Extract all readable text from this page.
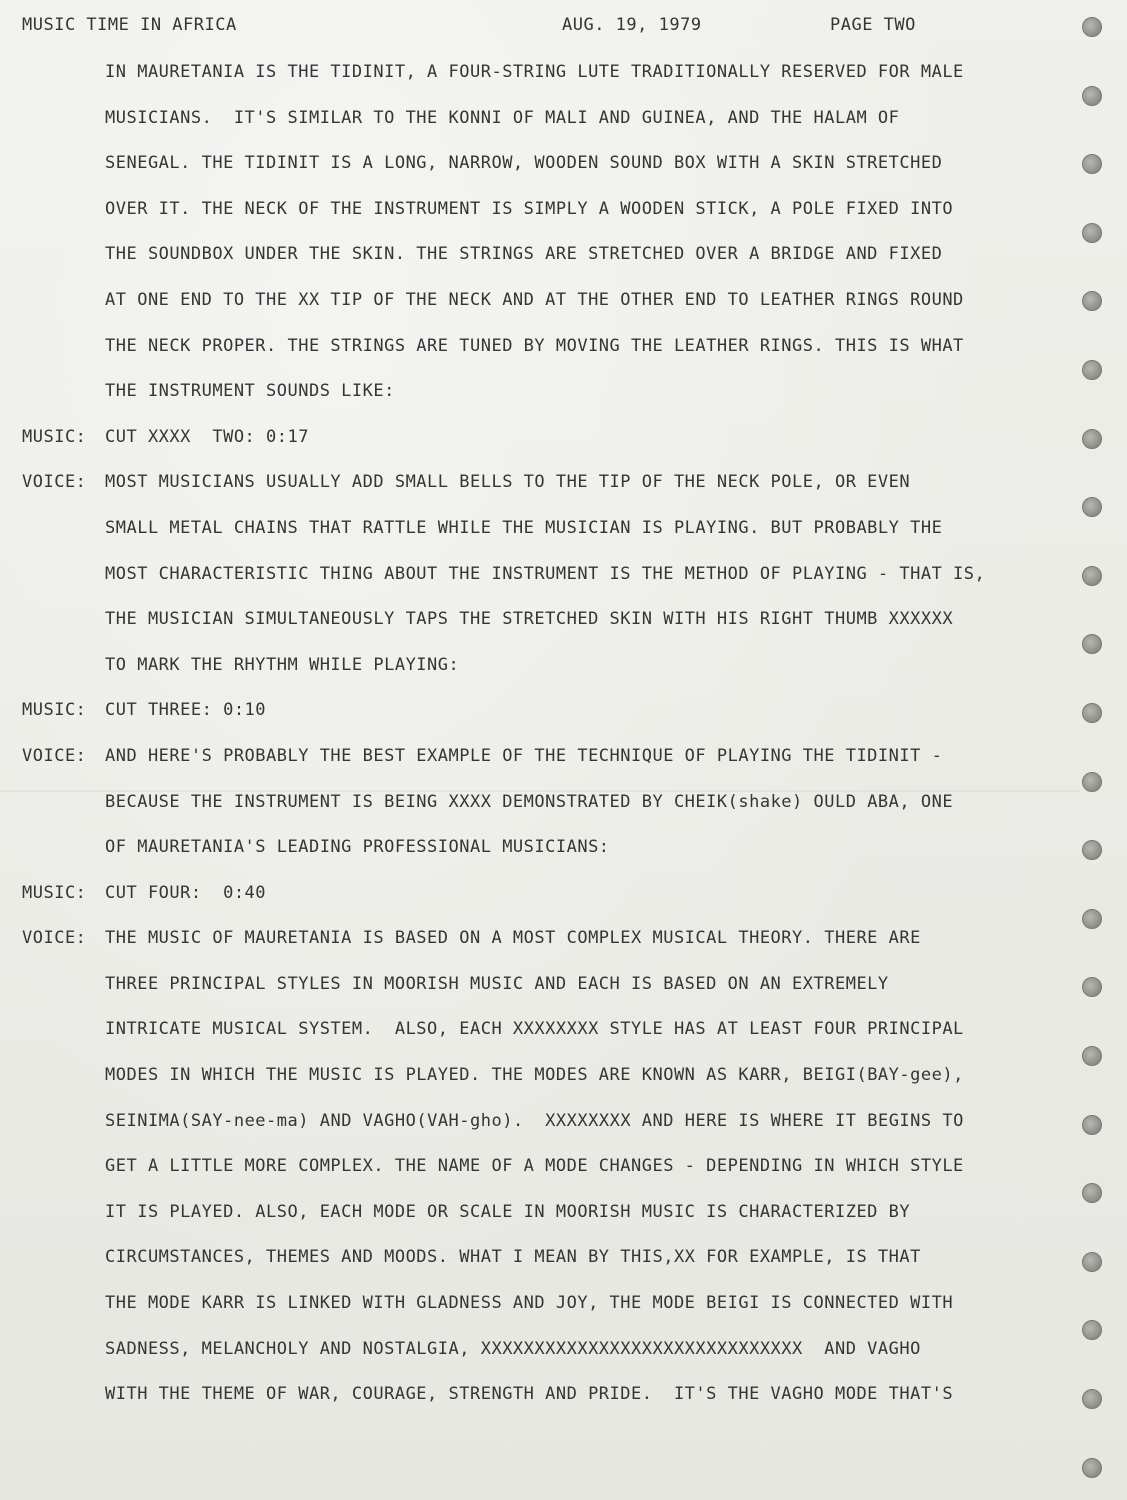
MUSIC TIME IN AFRICA

	AUG. 19, 1979

	PAGE TWO

IN MAURETANIA IS THE TIDINIT, A FOUR-STRING LUTE TRADITIONALLY RESERVED FOR MALE
MUSICIANS.  IT'S SIMILAR TO THE KONNI OF MALI AND GUINEA, AND THE HALAM OF
SENEGAL. THE TIDINIT IS A LONG, NARROW, WOODEN SOUND BOX WITH A SKIN STRETCHED
OVER IT. THE NECK OF THE INSTRUMENT IS SIMPLY A WOODEN STICK, A POLE FIXED INTO
THE SOUNDBOX UNDER THE SKIN. THE STRINGS ARE STRETCHED OVER A BRIDGE AND FIXED
AT ONE END TO THE XX TIP OF THE NECK AND AT THE OTHER END TO LEATHER RINGS ROUND
THE NECK PROPER. THE STRINGS ARE TUNED BY MOVING THE LEATHER RINGS. THIS IS WHAT
THE INSTRUMENT SOUNDS LIKE:
MUSIC: CUT XXXX  TWO: 0:17
VOICE: MOST MUSICIANS USUALLY ADD SMALL BELLS TO THE TIP OF THE NECK POLE, OR EVEN
SMALL METAL CHAINS THAT RATTLE WHILE THE MUSICIAN IS PLAYING. BUT PROBABLY THE
MOST CHARACTERISTIC THING ABOUT THE INSTRUMENT IS THE METHOD OF PLAYING - THAT IS,
THE MUSICIAN SIMULTANEOUSLY TAPS THE STRETCHED SKIN WITH HIS RIGHT THUMB XXXXXX
TO MARK THE RHYTHM WHILE PLAYING:
MUSIC: CUT THREE: 0:10
VOICE: AND HERE'S PROBABLY THE BEST EXAMPLE OF THE TECHNIQUE OF PLAYING THE TIDINIT -
BECAUSE THE INSTRUMENT IS BEING XXXX DEMONSTRATED BY CHEIK(shake) OULD ABA, ONE
OF MAURETANIA'S LEADING PROFESSIONAL MUSICIANS:
MUSIC: CUT FOUR:  0:40
VOICE: THE MUSIC OF MAURETANIA IS BASED ON A MOST COMPLEX MUSICAL THEORY. THERE ARE
THREE PRINCIPAL STYLES IN MOORISH MUSIC AND EACH IS BASED ON AN EXTREMELY
INTRICATE MUSICAL SYSTEM.  ALSO, EACH XXXXXXXX STYLE HAS AT LEAST FOUR PRINCIPAL
MODES IN WHICH THE MUSIC IS PLAYED. THE MODES ARE KNOWN AS KARR, BEIGI(BAY-gee),
SEINIMA(SAY-nee-ma) AND VAGHO(VAH-gho).  XXXXXXXX AND HERE IS WHERE IT BEGINS TO
GET A LITTLE MORE COMPLEX. THE NAME OF A MODE CHANGES - DEPENDING IN WHICH STYLE
IT IS PLAYED. ALSO, EACH MODE OR SCALE IN MOORISH MUSIC IS CHARACTERIZED BY
CIRCUMSTANCES, THEMES AND MOODS. WHAT I MEAN BY THIS,XX FOR EXAMPLE, IS THAT
THE MODE KARR IS LINKED WITH GLADNESS AND JOY, THE MODE BEIGI IS CONNECTED WITH
SADNESS, MELANCHOLY AND NOSTALGIA, XXXXXXXXXXXXXXXXXXXXXXXXXXXXXX  AND VAGHO
WITH THE THEME OF WAR, COURAGE, STRENGTH AND PRIDE.  IT'S THE VAGHO MODE THAT'S
